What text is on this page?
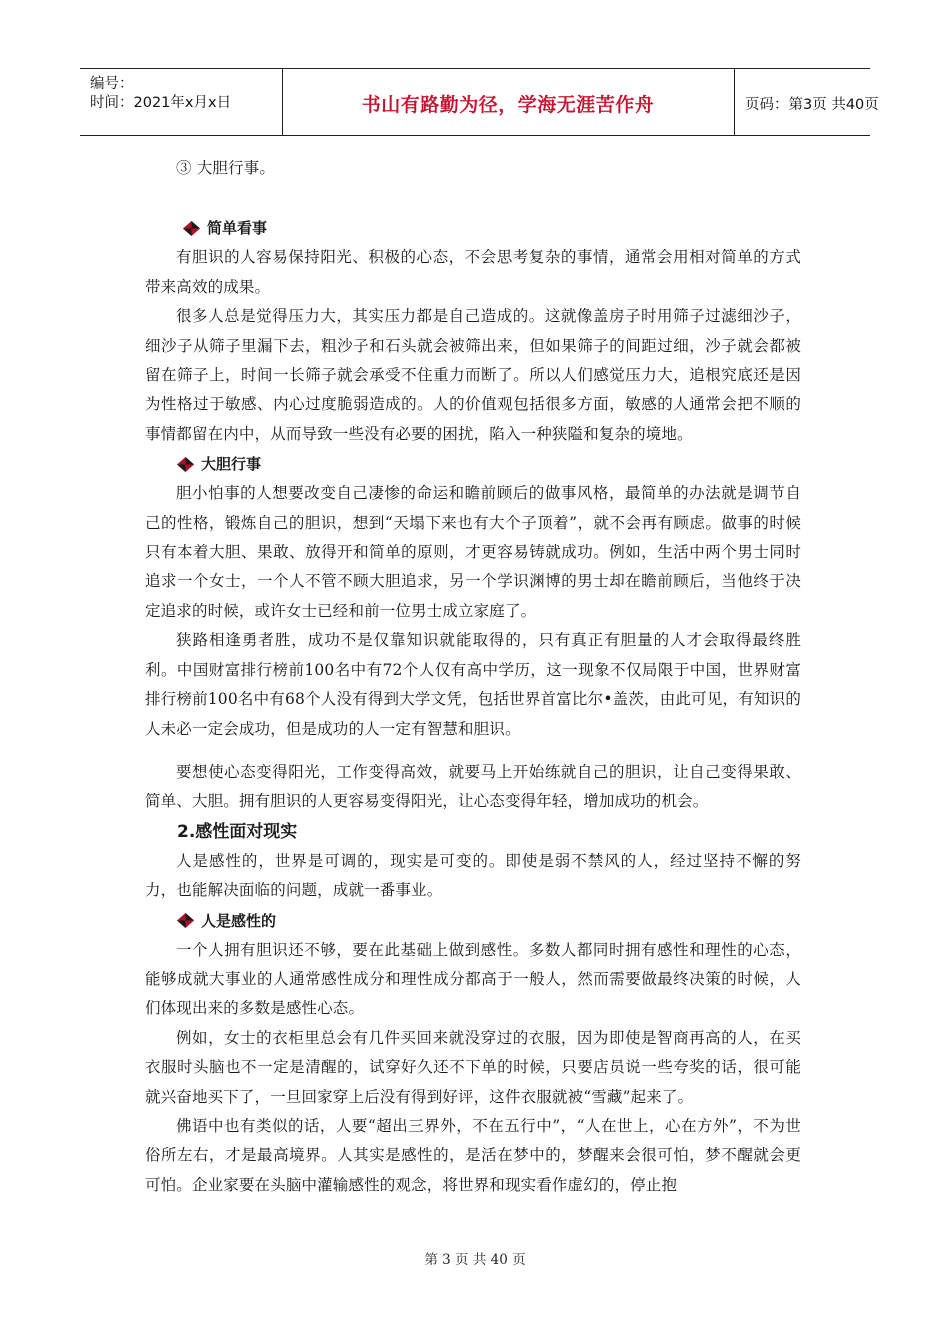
编号：
时间：2021年x月x日	书山有路勤为径，学海无涯苦作舟	页码：第3页 共40页

③ 大胆行事。

简单看事

有胆识的人容易保持阳光、积极的心态，不会思考复杂的事情，通常会用相对简单的方式带来高效的成果。

很多人总是觉得压力大，其实压力都是自己造成的。这就像盖房子时用筛子过滤细沙子，细沙子从筛子里漏下去，粗沙子和石头就会被筛出来，但如果筛子的间距过细，沙子就会都被留在筛子上，时间一长筛子就会承受不住重力而断了。所以人们感觉压力大，追根究底还是因为性格过于敏感、内心过度脆弱造成的。人的价值观包括很多方面，敏感的人通常会把不顺的事情都留在内中，从而导致一些没有必要的困扰，陷入一种狭隘和复杂的境地。

大胆行事

胆小怕事的人想要改变自己凄惨的命运和瞻前顾后的做事风格，最简单的办法就是调节自己的性格，锻炼自己的胆识，想到“天塌下来也有大个子顶着”，就不会再有顾虑。做事的时候只有本着大胆、果敢、放得开和简单的原则，才更容易铸就成功。例如，生活中两个男士同时追求一个女士，一个人不管不顾大胆追求，另一个学识渊博的男士却在瞻前顾后，当他终于决定追求的时候，或许女士已经和前一位男士成立家庭了。

狭路相逢勇者胜，成功不是仅靠知识就能取得的，只有真正有胆量的人才会取得最终胜利。中国财富排行榜前100名中有72个人仅有高中学历，这一现象不仅局限于中国，世界财富排行榜前100名中有68个人没有得到大学文凭，包括世界首富比尔•盖茨，由此可见，有知识的人未必一定会成功，但是成功的人一定有智慧和胆识。

要想使心态变得阳光，工作变得高效，就要马上开始练就自己的胆识，让自己变得果敢、简单、大胆。拥有胆识的人更容易变得阳光，让心态变得年轻，增加成功的机会。

2.感性面对现实

人是感性的，世界是可调的，现实是可变的。即使是弱不禁风的人，经过坚持不懈的努力，也能解决面临的问题，成就一番事业。

人是感性的

一个人拥有胆识还不够，要在此基础上做到感性。多数人都同时拥有感性和理性的心态，能够成就大事业的人通常感性成分和理性成分都高于一般人，然而需要做最终决策的时候，人们体现出来的多数是感性心态。

例如，女士的衣柜里总会有几件买回来就没穿过的衣服，因为即使是智商再高的人，在买衣服时头脑也不一定是清醒的，试穿好久还不下单的时候，只要店员说一些夸奖的话，很可能就兴奋地买下了，一旦回家穿上后没有得到好评，这件衣服就被“雪藏”起来了。

佛语中也有类似的话，人要“超出三界外，不在五行中”，“人在世上，心在方外”，不为世俗所左右，才是最高境界。人其实是感性的，是活在梦中的，梦醒来会很可怕，梦不醒就会更可怕。企业家要在头脑中灌输感性的观念，将世界和现实看作虚幻的，停止抱

第 3 页 共 40 页
